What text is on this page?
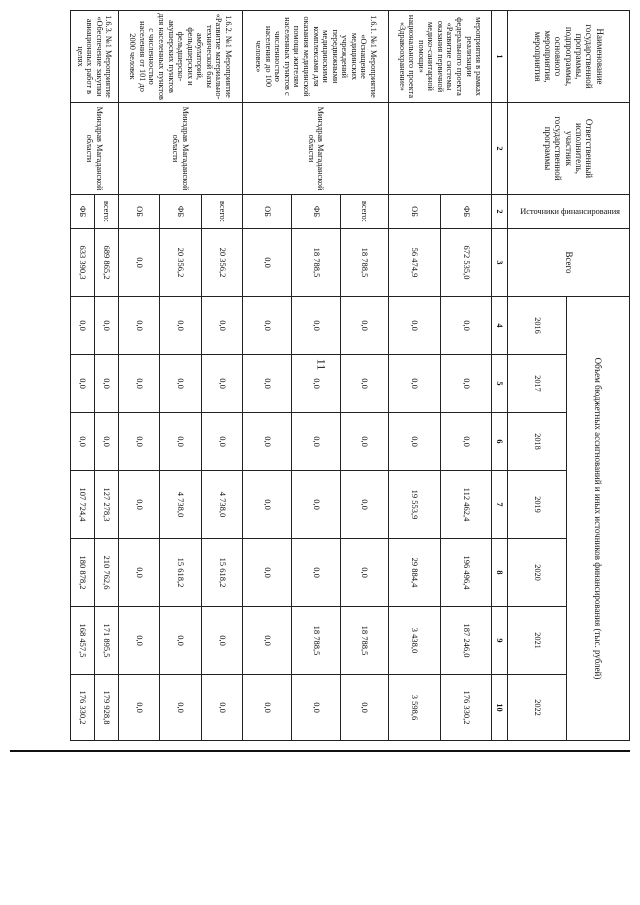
11
Наименование государственной программы, подпрограммы, основного мероприятия, мероприятия	Ответственный исполнитель, участник государственной программы	Источники финансирования	Всего	Объем бюджетных ассигнований и иных источников финансирования (тыс. рублей)						
				2016	2017	2018	2019	2020	2021	2022
1	2	2	3	4	5	6	7	8	9	10
мероприятия в рамках реализации федерального проекта «Развитие системы оказания первичной медико-санитарной помощи» национального проекта «Здравоохранение»		ФБ	672 535,0	0,0	0,0	0,0	112 462,4	196 496,4	187 246,0	176 330,2
		ОБ	56 474,9	0,0	0,0	0,0	19 553,9	29 884,4	3 438,0	3 598,6
1.6.1. №1 Мероприятие «Оснащение медицинских учреждений передвижными медицинскими комплексами для оказания медицинской помощи жителям населенных пунктов с численностью населения до 100 человек»	Минздрав Магаданской области	всего:	18 788,5	0,0	0,0	0,0	0,0	0,0	18 788,5	0,0
		ФБ	18 788,5	0,0	0,0	0,0	0,0	0,0	18 788,5	0,0
		ОБ	0,0	0,0	0,0	0,0	0,0	0,0	0,0	0,0
1.6.2. №1 Мероприятие «Развитие материально-технической базы амбулаторий, фельдшерских и фельдшерско-акушерских пунктов для населенных пунктов с численностью населения от 101 до 2000 человек	Минздрав Магаданской области	всего:	20 356,2	0,0	0,0	0,0	4 738,0	15 618,2	0,0	0,0
		ФБ	20 356,2	0,0	0,0	0,0	4 738,0	15 618,2	0,0	0,0
		ОБ	0,0	0,0	0,0	0,0	0,0	0,0	0,0	0,0
1.6.3. №1 Мероприятие «Обеспечение закупки авиационных работ в целях	Минздрав Магаданской области	всего:	689 865,2	0,0	0,0	0,0	127 278,3	210 762,6	171 895,5	179 928,8
		ФБ	633 390,3	0,0	0,0	0,0	107 724,4	180 878,2	168 457,5	176 330,2
